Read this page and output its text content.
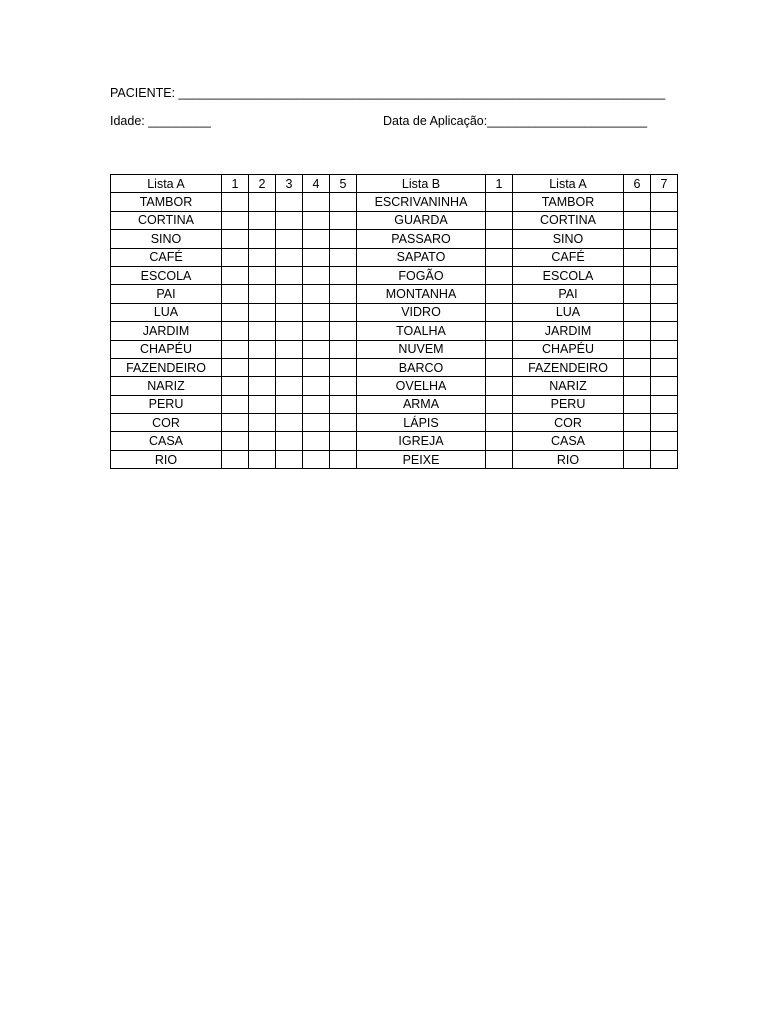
PACIENTE: ______________________________________________________________________
Idade: _________	Data de Aplicação:_______________________
Lista A	1	2	3	4	5	Lista B	1	Lista A	6	7
TAMBOR						ESCRIVANINHA		TAMBOR		
CORTINA						GUARDA		CORTINA		
SINO						PASSARO		SINO		
CAFÉ						SAPATO		CAFÉ		
ESCOLA						FOGÃO		ESCOLA		
PAI						MONTANHA		PAI		
LUA						VIDRO		LUA		
JARDIM						TOALHA		JARDIM		
CHAPÉU						NUVEM		CHAPÉU		
FAZENDEIRO						BARCO		FAZENDEIRO		
NARIZ						OVELHA		NARIZ		
PERU						ARMA		PERU		
COR						LÁPIS		COR		
CASA						IGREJA		CASA		
RIO						PEIXE		RIO		
